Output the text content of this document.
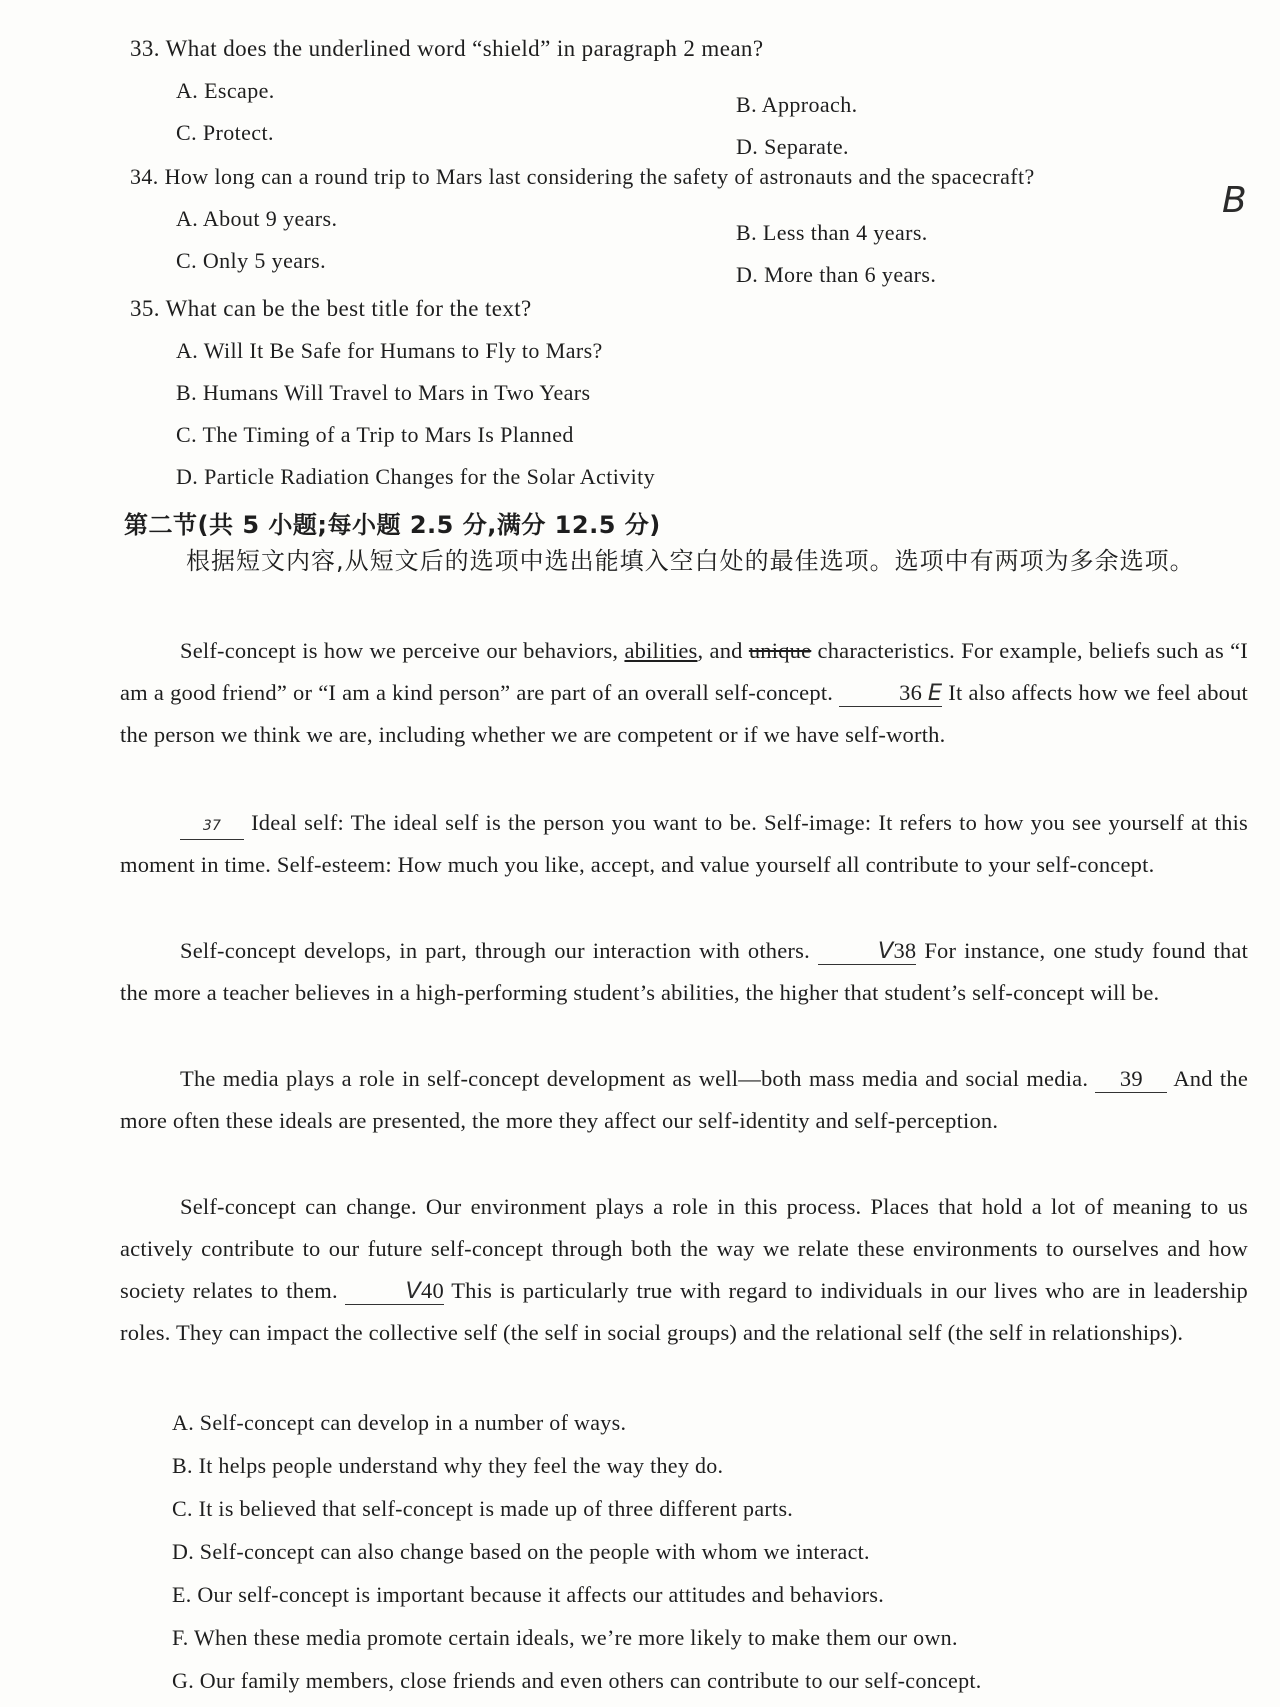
33. What does the underlined word “shield” in paragraph 2 mean?
A. Escape.
B. Approach.
C. Protect.
D. Separate.
34. How long can a round trip to Mars last considering the safety of astronauts and the spacecraft?
B
A. About 9 years.
B. Less than 4 years.
C. Only 5 years.
D. More than 6 years.
35. What can be the best title for the text?
A. Will It Be Safe for Humans to Fly to Mars?
B. Humans Will Travel to Mars in Two Years
C. The Timing of a Trip to Mars Is Planned
D. Particle Radiation Changes for the Solar Activity
第二节(共 5 小题;每小题 2.5 分,满分 12.5 分)
根据短文内容,从短文后的选项中选出能填入空白处的最佳选项。选项中有两项为多余选项。
Self-concept is how we perceive our behaviors, abilities, and unique characteristics. For example, beliefs such as “I am a good friend” or “I am a kind person” are part of an overall self-concept.	36 E It also affects how we feel about the person we think we are, including whether we are competent or if we have self-worth.
37 Ideal self: The ideal self is the person you want to be. Self-image: It refers to how you see yourself at this moment in time. Self-esteem: How much you like, accept, and value yourself all contribute to your self-concept.
Self-concept develops, in part, through our interaction with others.	V38 For instance, one study found that the more a teacher believes in a high-performing student’s abilities, the higher that student’s self-concept will be.
The media plays a role in self-concept development as well—both mass media and social media. 39 And the more often these ideals are presented, the more they affect our self-identity and self-perception.
Self-concept can change. Our environment plays a role in this process. Places that hold a lot of meaning to us actively contribute to our future self-concept through both the way we relate these environments to ourselves and how society relates to them.	V40 This is particularly true with regard to individuals in our lives who are in leadership roles. They can impact the collective self (the self in social groups) and the relational self (the self in relationships).
A. Self-concept can develop in a number of ways.
B. It helps people understand why they feel the way they do.
C. It is believed that self-concept is made up of three different parts.
D. Self-concept can also change based on the people with whom we interact.
E. Our self-concept is important because it affects our attitudes and behaviors.
F. When these media promote certain ideals, we’re more likely to make them our own.
G. Our family members, close friends and even others can contribute to our self-concept.
